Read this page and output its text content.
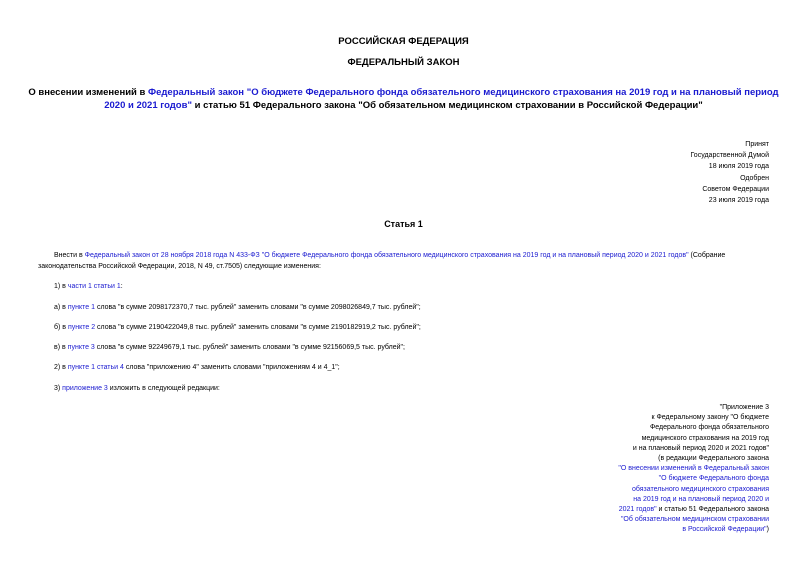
РОССИЙСКАЯ ФЕДЕРАЦИЯ
ФЕДЕРАЛЬНЫЙ ЗАКОН
О внесении изменений в Федеральный закон "О бюджете Федерального фонда обязательного медицинского страхования на 2019 год и на плановый период 2020 и 2021 годов" и статью 51 Федерального закона "Об обязательном медицинском страховании в Российской Федерации"
Принят
Государственной Думой
18 июля 2019 года
Одобрен
Советом Федерации
23 июля 2019 года
Статья 1
Внести в Федеральный закон от 28 ноября 2018 года N 433-ФЗ "О бюджете Федерального фонда обязательного медицинского страхования на 2019 год и на плановый период 2020 и 2021 годов" (Собрание законодательства Российской Федерации, 2018, N 49, ст.7505) следующие изменения:
1) в части 1 статьи 1:
а) в пункте 1 слова "в сумме 2098172370,7 тыс. рублей" заменить словами "в сумме 2098026849,7 тыс. рублей";
б) в пункте 2 слова "в сумме 2190422049,8 тыс. рублей" заменить словами "в сумме 2190182919,2 тыс. рублей";
в) в пункте 3 слова "в сумме 92249679,1 тыс. рублей" заменить словами "в сумме 92156069,5 тыс. рублей";
2) в пункте 1 статьи 4 слова "приложению 4" заменить словами "приложениям 4 и 4_1";
3) приложение 3 изложить в следующей редакции:
"Приложение 3
к Федеральному закону "О бюджете
Федерального фонда обязательного
медицинского страхования на 2019 год
и на плановый период 2020 и 2021 годов"
(в редакции Федерального закона
"О внесении изменений в Федеральный закон
"О бюджете Федерального фонда
обязательного медицинского страхования
на 2019 год и на плановый период 2020 и
2021 годов" и статью 51 Федерального закона
"Об обязательном медицинском страховании
в Российской Федерации")
